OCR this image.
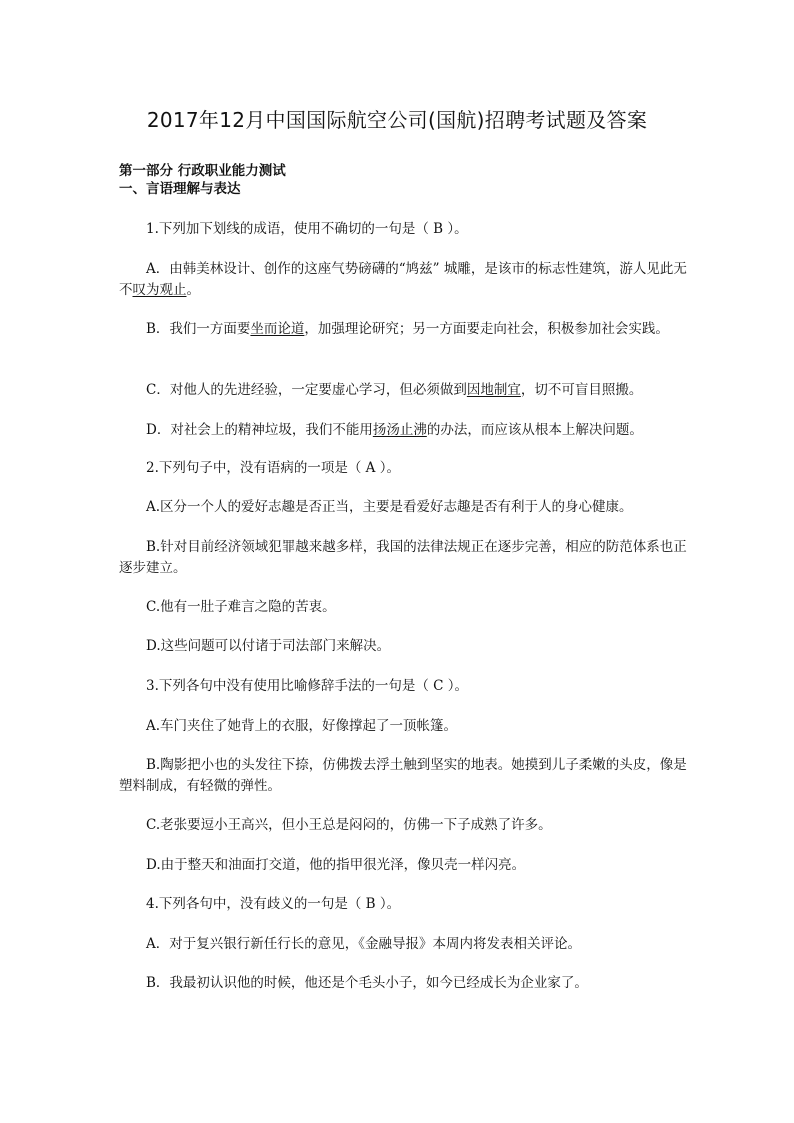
2017年12月中国国际航空公司(国航)招聘考试题及答案
第一部分 行政职业能力测试
一、言语理解与表达
1.下列加下划线的成语，使用不确切的一句是（ B ）。
A．由韩美林设计、创作的这座气势磅礴的“鸠兹” 城雕，是该市的标志性建筑，游人见此无不叹为观止。
B．我们一方面要坐而论道，加强理论研究；另一方面要走向社会，积极参加社会实践。
C．对他人的先进经验，一定要虚心学习，但必须做到因地制宜，切不可盲目照搬。
D．对社会上的精神垃圾，我们不能用扬汤止沸的办法，而应该从根本上解决问题。
2.下列句子中，没有语病的一项是（ A ）。
A.区分一个人的爱好志趣是否正当，主要是看爱好志趣是否有利于人的身心健康。
B.针对目前经济领域犯罪越来越多样，我国的法律法规正在逐步完善，相应的防范体系也正逐步建立。
C.他有一肚子难言之隐的苦衷。
D.这些问题可以付诸于司法部门来解决。
3.下列各句中没有使用比喻修辞手法的一句是（ C ）。
A.车门夹住了她背上的衣服，好像撑起了一顶帐篷。
B.陶影把小也的头发往下捺，仿佛拨去浮土触到坚实的地表。她摸到儿子柔嫩的头皮，像是塑料制成，有轻微的弹性。
C.老张要逗小王高兴，但小王总是闷闷的，仿佛一下子成熟了许多。
D.由于整天和油面打交道，他的指甲很光泽，像贝壳一样闪亮。
4.下列各句中，没有歧义的一句是（ B ）。
A．对于复兴银行新任行长的意见，《金融导报》本周内将发表相关评论。
B．我最初认识他的时候，他还是个毛头小子，如今已经成长为企业家了。
